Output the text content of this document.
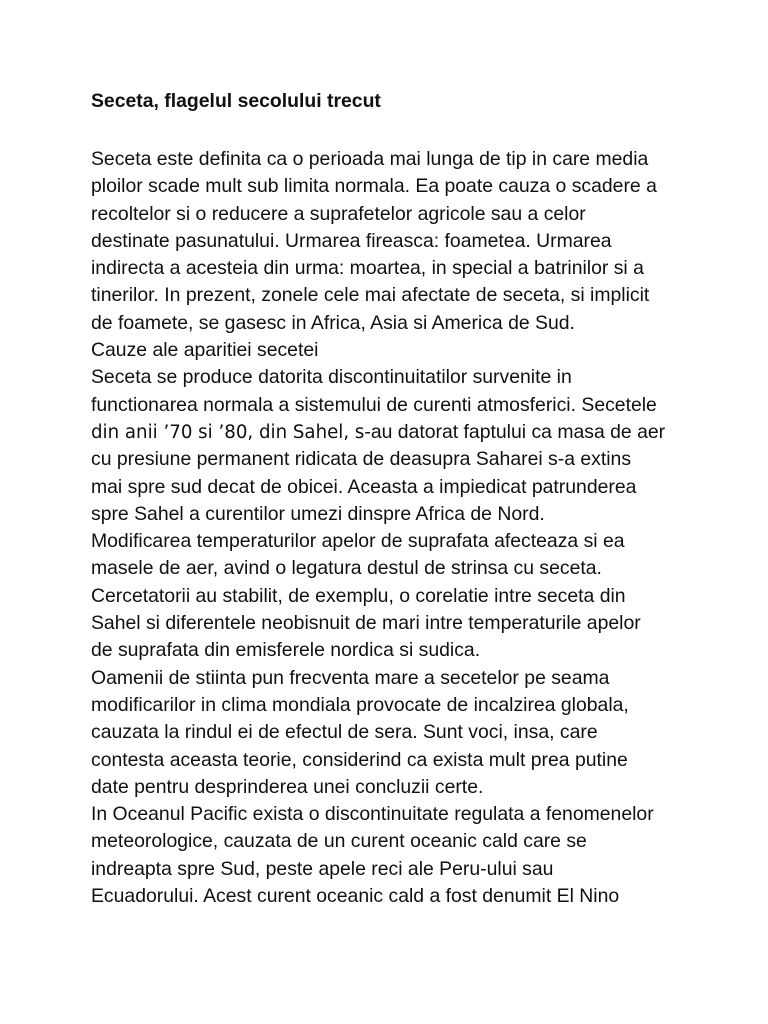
Seceta, flagelul secolului trecut
Seceta este definita ca o perioada mai lunga de tip in care media
ploilor scade mult sub limita normala. Ea poate cauza o scadere a
recoltelor si o reducere a suprafetelor agricole sau a celor
destinate pasunatului. Urmarea fireasca: foametea. Urmarea
indirecta a acesteia din urma: moartea, in special a batrinilor si a
tinerilor. In prezent, zonele cele mai afectate de seceta, si implicit
de foamete, se gasesc in Africa, Asia si America de Sud.
Cauze ale aparitiei secetei
Seceta se produce datorita discontinuitatilor survenite in
functionarea normala a sistemului de curenti atmosferici. Secetele
din anii ’70 si ’80, din Sahel, s-au datorat faptului ca masa de aer
cu presiune permanent ridicata de deasupra Saharei s-a extins
mai spre sud decat de obicei. Aceasta a impiedicat patrunderea
spre Sahel a curentilor umezi dinspre Africa de Nord.
Modificarea temperaturilor apelor de suprafata afecteaza si ea
masele de aer, avind o legatura destul de strinsa cu seceta.
Cercetatorii au stabilit, de exemplu, o corelatie intre seceta din
Sahel si diferentele neobisnuit de mari intre temperaturile apelor
de suprafata din emisferele nordica si sudica.
Oamenii de stiinta pun frecventa mare a secetelor pe seama
modificarilor in clima mondiala provocate de incalzirea globala,
cauzata la rindul ei de efectul de sera. Sunt voci, insa, care
contesta aceasta teorie, considerind ca exista mult prea putine
date pentru desprinderea unei concluzii certe.
In Oceanul Pacific exista o discontinuitate regulata a fenomenelor
meteorologice, cauzata de un curent oceanic cald care se
indreapta spre Sud, peste apele reci ale Peru-ului sau
Ecuadorului. Acest curent oceanic cald a fost denumit El Nino
